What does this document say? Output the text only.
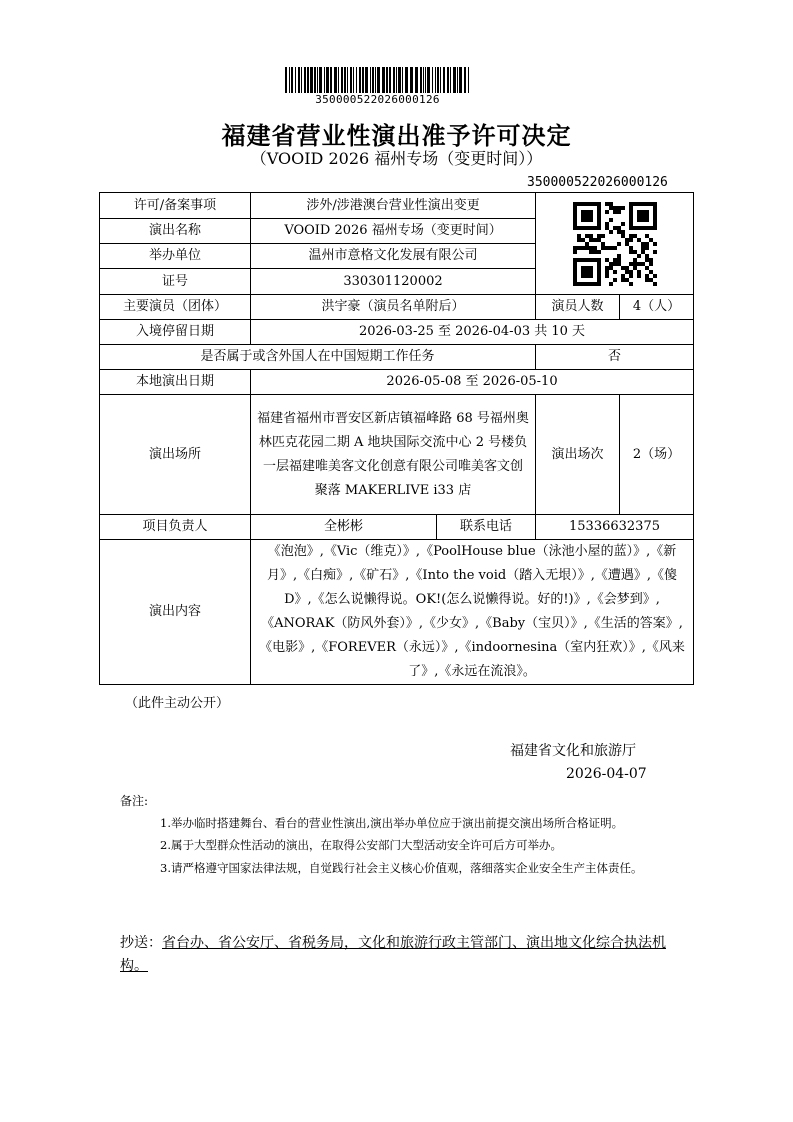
350000522026000126
福建省营业性演出准予许可决定
（VOOID 2026 福州专场（变更时间））
350000522026000126
许可/备案事项	涉外/涉港澳台营业性演出变更	

演出名称	VOOID 2026 福州专场（变更时间）			
举办单位	温州市意格文化发展有限公司			
证号	330301120002			
主要演员（团体）	洪宇豪（演员名单附后）		演员人数	4（人）
入境停留日期	2026-03-25 至 2026-04-03 共 10 天			
是否属于或含外国人在中国短期工作任务			否	
本地演出日期	2026-05-08 至 2026-05-10			
演出场所	福建省福州市晋安区新店镇福峰路 68 号福州奥林匹克花园二期 A 地块国际交流中心 2 号楼负一层福建唯美客文化创意有限公司唯美客文创聚落 MAKERLIVE i33 店		演出场次	2（场）
项目负责人	全彬彬	联系电话	15336632375	
演出内容	《泡泡》,《Vic（维克）》,《PoolHouse blue（泳池小屋的蓝）》,《新月》,《白痴》,《矿石》,《Into the void（踏入无垠）》,《遭遇》,《傻 D》,《怎么说懒得说。OK!(怎么说懒得说。好的!)》,《会梦到》,《ANORAK（防风外套）》,《少女》,《Baby（宝贝）》,《生活的答案》,《电影》,《FOREVER（永远）》,《indoornesina（室内狂欢）》,《风来了》,《永远在流浪》。			
（此件主动公开）
福建省文化和旅游厅
2026-04-07
备注:
1.举办临时搭建舞台、看台的营业性演出,演出举办单位应于演出前提交演出场所合格证明。
2.属于大型群众性活动的演出，在取得公安部门大型活动安全许可后方可举办。
3.请严格遵守国家法律法规，自觉践行社会主义核心价值观，落细落实企业安全生产主体责任。
抄送：省台办、省公安厅、省税务局，文化和旅游行政主管部门、演出地文化综合执法机构。
